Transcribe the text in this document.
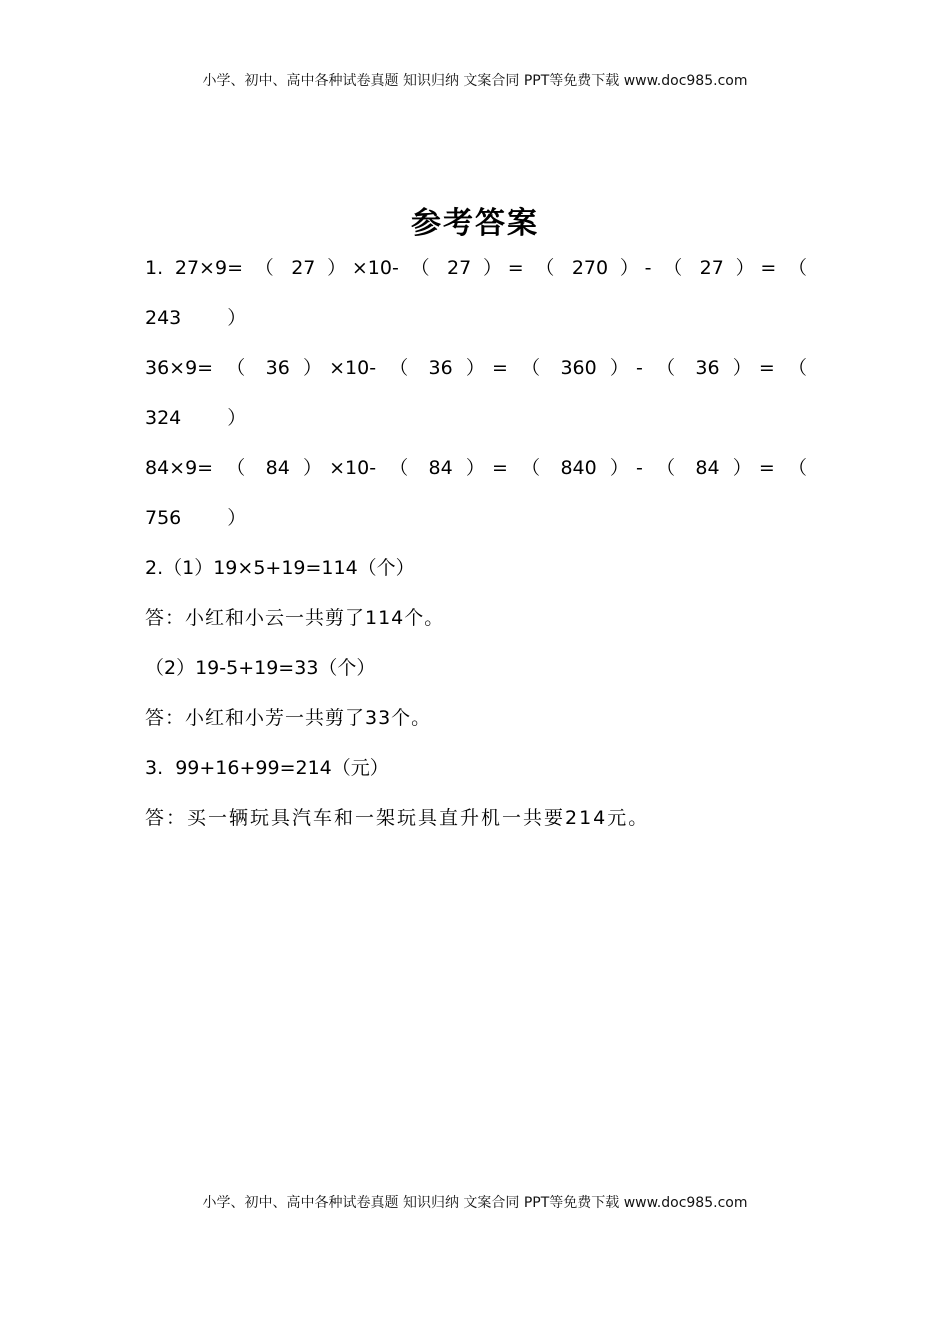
小学、初中、高中各种试卷真题 知识归纳 文案合同 PPT等免费下载 www.doc985.com
参考答案
1. 27×9= （ 27 ）×10- （ 27 ）= （ 270 ）- （ 27 ）= （
243 ）
36×9= （ 36 ）×10- （ 36 ）= （ 360 ）- （ 36 ）= （
324 ）
84×9= （ 84 ）×10- （ 84 ）= （ 840 ）- （ 84 ）= （
756 ）
2.（1）19×5+19=114（个）
答：小红和小云一共剪了114个。
（2）19-5+19=33（个）
答：小红和小芳一共剪了33个。
3.  99+16+99=214（元）
答：买一辆玩具汽车和一架玩具直升机一共要214元。
小学、初中、高中各种试卷真题 知识归纳 文案合同 PPT等免费下载 www.doc985.com
